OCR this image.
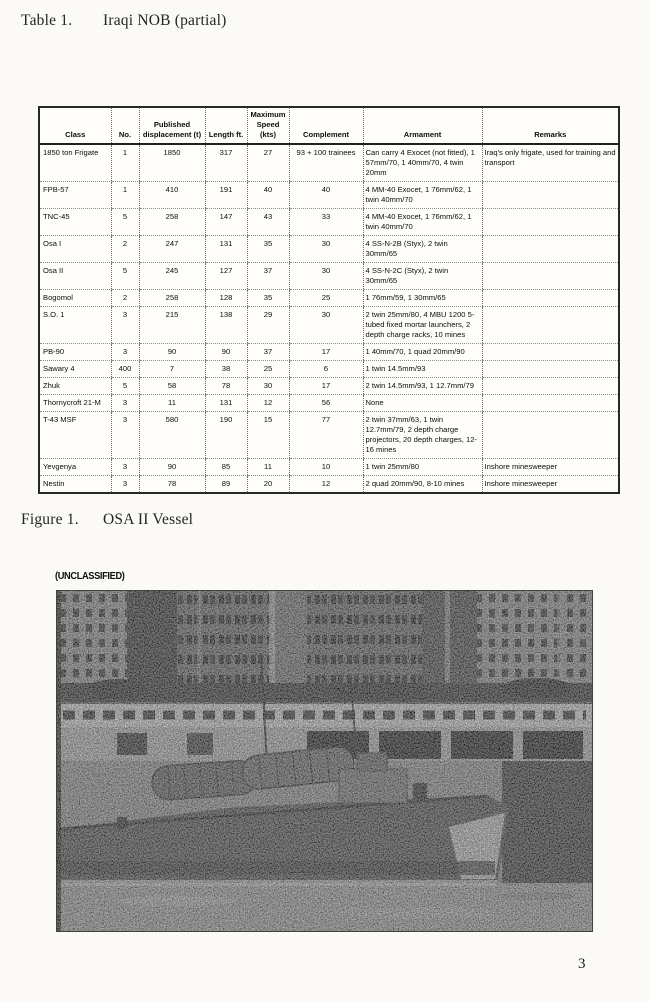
Table 1. Iraqi NOB (partial)
Class	No.	Published displacement (t)	Length ft.	Maximum Speed (kts)	Complement	Armament	Remarks
1850 ton Frigate	1	1850	317	27	93 + 100 trainees	Can carry 4 Exocet (not fitted), 1 57mm/70, 1 40mm/70, 4 twin 20mm	Iraq's only frigate, used for training and transport
FPB-57	1	410	191	40	40	4 MM-40 Exocet, 1 76mm/62, 1 twin 40mm/70	
TNC-45	5	258	147	43	33	4 MM-40 Exocet, 1 76mm/62, 1 twin 40mm/70	
Osa I	2	247	131	35	30	4 SS-N-2B (Styx), 2 twin 30mm/65	
Osa II	5	245	127	37	30	4 SS-N-2C (Styx), 2 twin 30mm/65	
Bogomol	2	258	128	35	25	1 76mm/59, 1 30mm/65	
S.O. 1	3	215	138	29	30	2 twin 25mm/80, 4 MBU 1200 5-tubed fixed mortar launchers, 2 depth charge racks, 10 mines	
PB-90	3	90	90	37	17	1 40mm/70, 1 quad 20mm/90	
Sawary 4	400	7	38	25	6	1 twin 14.5mm/93	
Zhuk	5	58	78	30	17	2 twin 14.5mm/93, 1 12.7mm/79	
Thornycroft 21-M	3	11	131	12	56	None	
T-43 MSF	3	580	190	15	77	2 twin 37mm/63, 1 twin 12.7mm/79, 2 depth charge projectors, 20 depth charges, 12-16 mines	
Yevgenya	3	90	85	11	10	1 twin 25mm/80	Inshore minesweeper
Nestin	3	78	89	20	12	2 quad 20mm/90, 8-10 mines	Inshore minesweeper
Figure 1. OSA II Vessel
(UNCLASSIFIED)
3
